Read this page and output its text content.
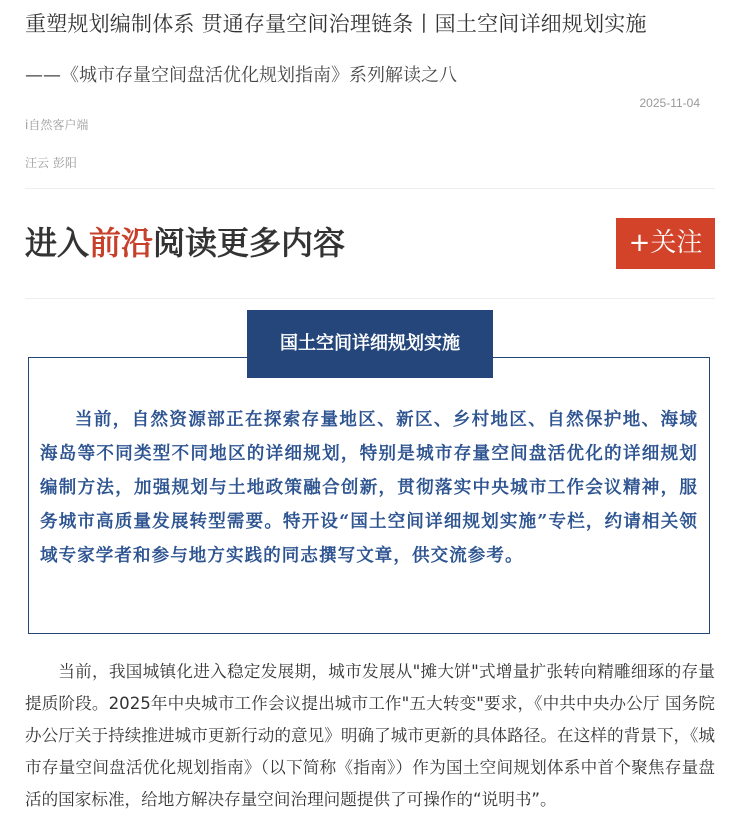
重塑规划编制体系 贯通存量空间治理链条丨国土空间详细规划实施
——《城市存量空间盘活优化规划指南》系列解读之八
2025-11-04
i自然客户端
汪云 彭阳
进入前沿阅读更多内容	+关注
国土空间详细规划实施
当前，自然资源部正在探索存量地区、新区、乡村地区、自然保护地、海域海岛等不同类型不同地区的详细规划，特别是城市存量空间盘活优化的详细规划编制方法，加强规划与土地政策融合创新，贯彻落实中央城市工作会议精神，服务城市高质量发展转型需要。特开设“国土空间详细规划实施”专栏，约请相关领域专家学者和参与地方实践的同志撰写文章，供交流参考。
当前，我国城镇化进入稳定发展期，城市发展从"摊大饼"式增量扩张转向精雕细琢的存量提质阶段。2025年中央城市工作会议提出城市工作"五大转变"要求，《中共中央办公厅 国务院办公厅关于持续推进城市更新行动的意见》明确了城市更新的具体路径。在这样的背景下，《城市存量空间盘活优化规划指南》（以下简称《指南》）作为国土空间规划体系中首个聚焦存量盘活的国家标准，给地方解决存量空间治理问题提供了可操作的“说明书”。
